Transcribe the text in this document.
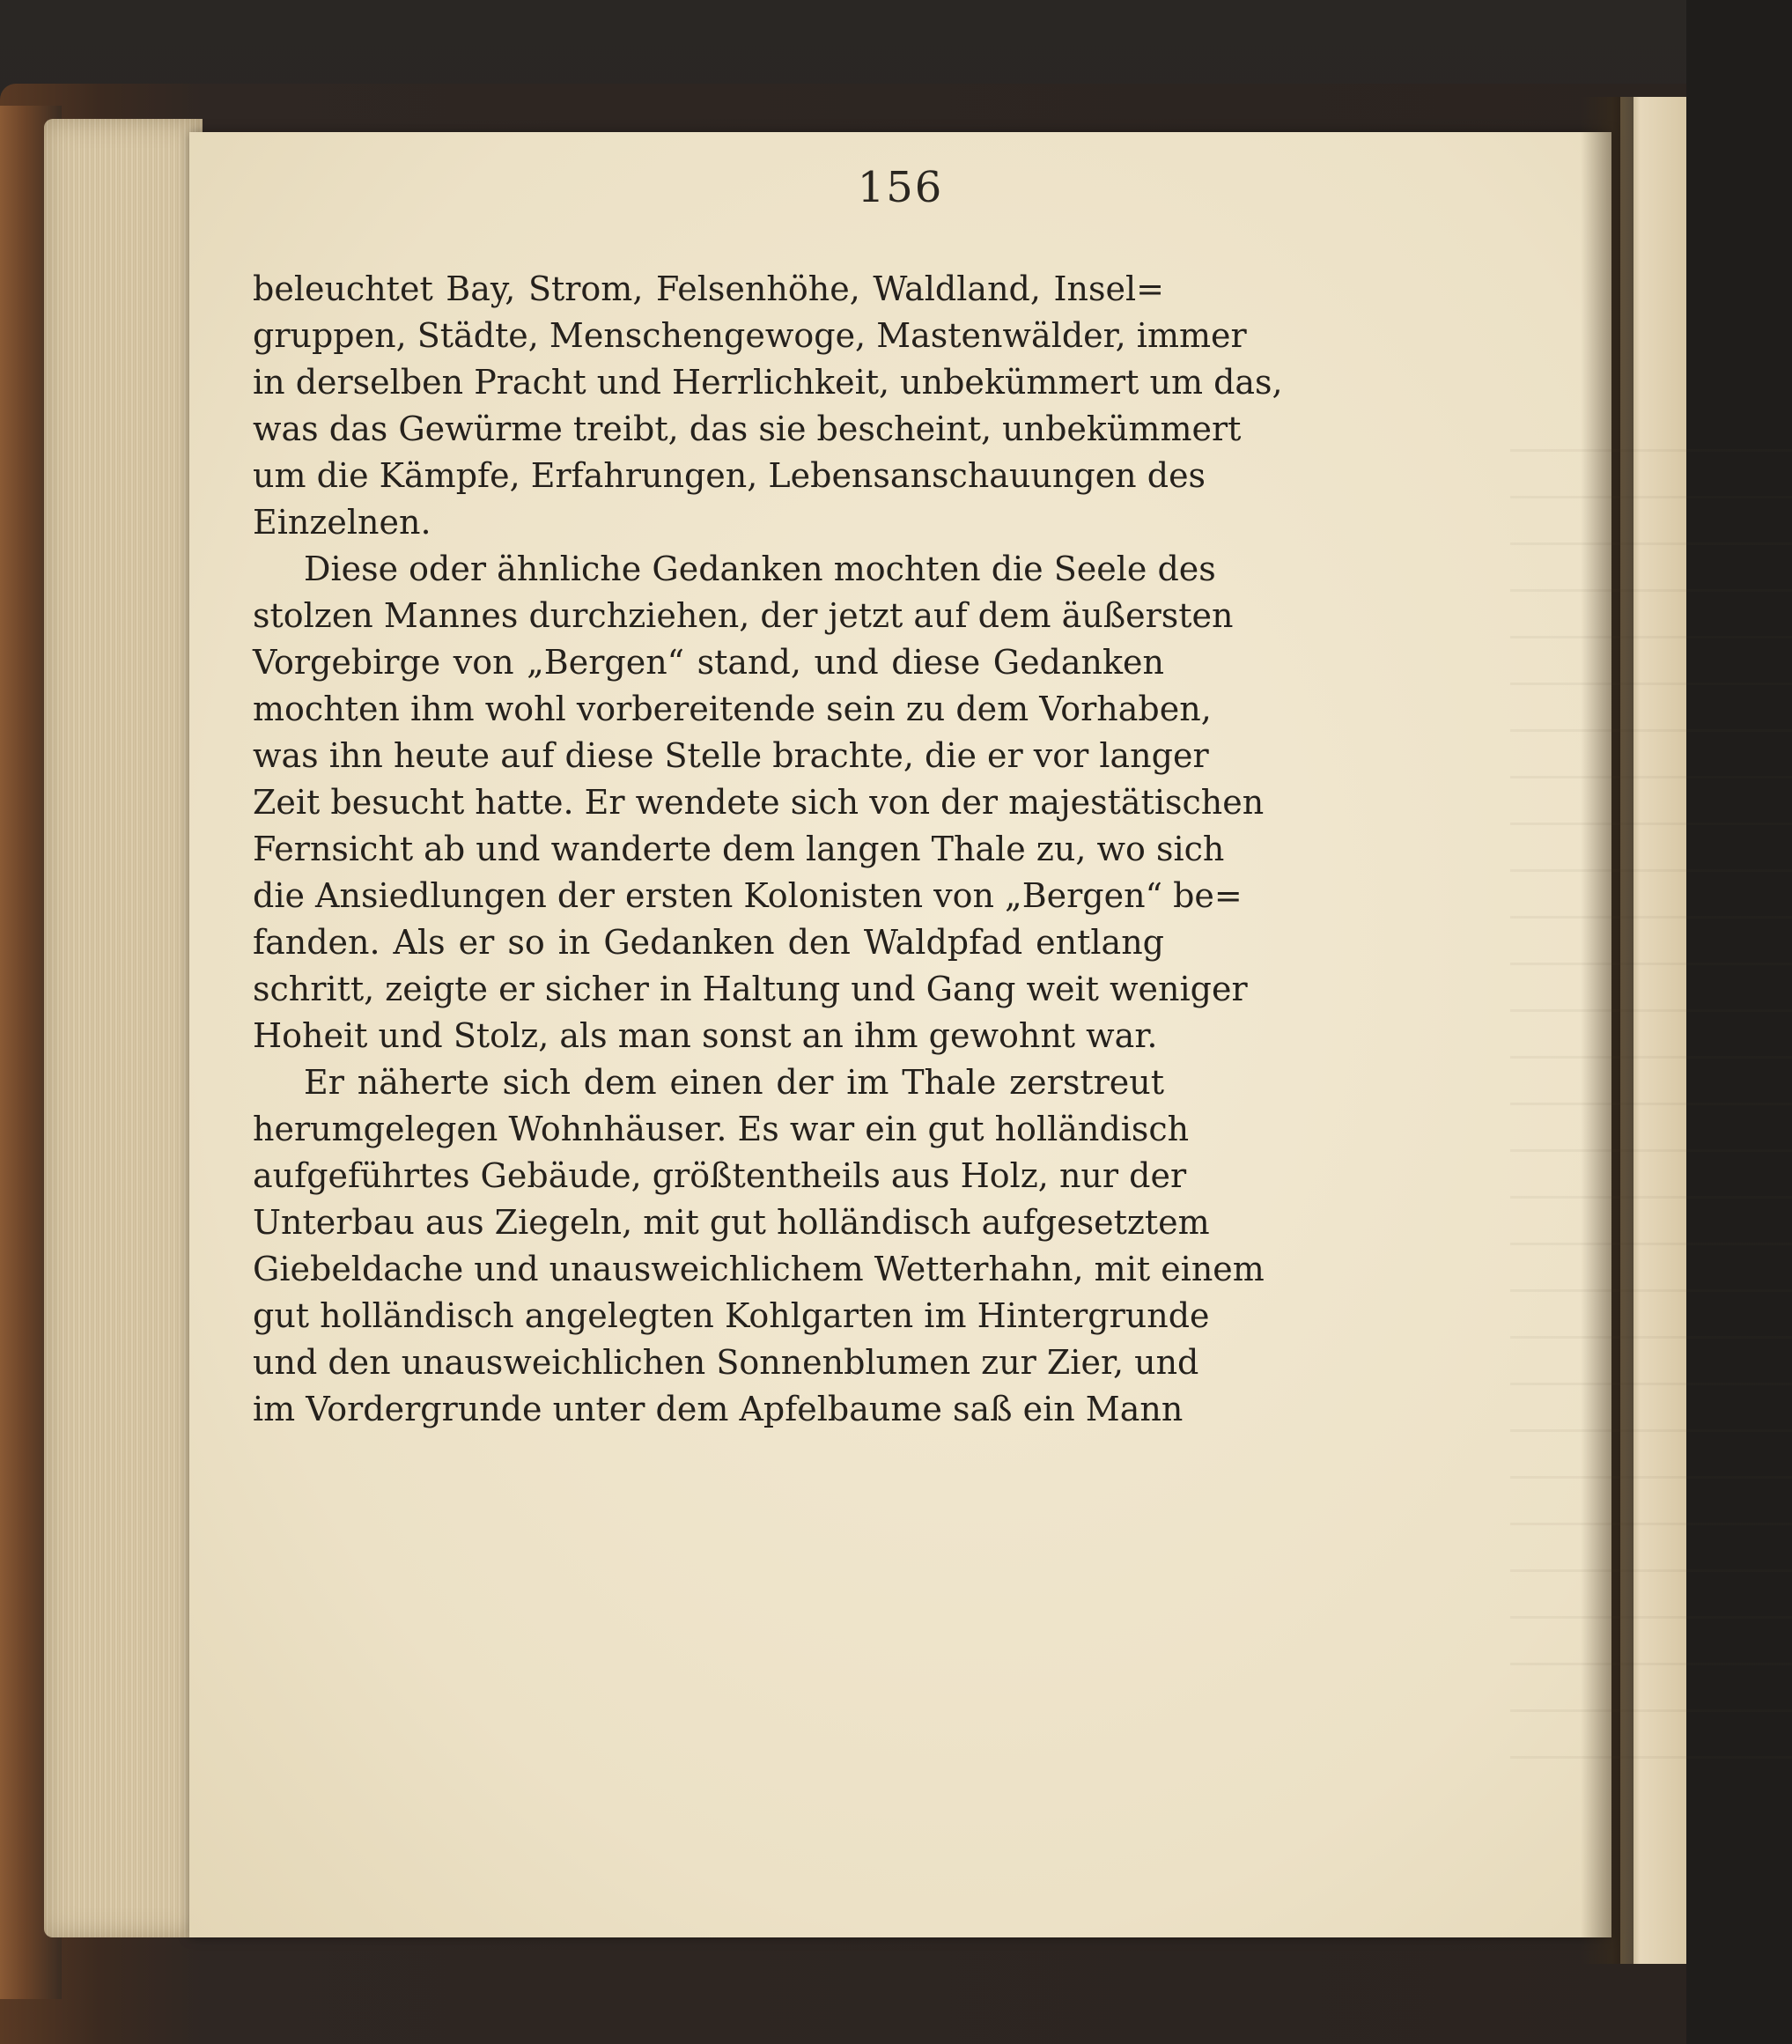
156
beleuchtet Bay, Strom, Felsenhöhe, Waldland, Insel=
gruppen, Städte, Menschengewoge, Mastenwälder, immer
in derselben Pracht und Herrlichkeit, unbekümmert um das,
was das Gewürme treibt, das sie bescheint, unbekümmert
um die Kämpfe, Erfahrungen, Lebensanschauungen des
Einzelnen.
Diese oder ähnliche Gedanken mochten die Seele des
stolzen Mannes durchziehen, der jetzt auf dem äußersten
Vorgebirge von „Bergen“ stand, und diese Gedanken
mochten ihm wohl vorbereitende sein zu dem Vorhaben,
was ihn heute auf diese Stelle brachte, die er vor langer
Zeit besucht hatte. Er wendete sich von der majestätischen
Fernsicht ab und wanderte dem langen Thale zu, wo sich
die Ansiedlungen der ersten Kolonisten von „Bergen“ be=
fanden. Als er so in Gedanken den Waldpfad entlang
schritt, zeigte er sicher in Haltung und Gang weit weniger
Hoheit und Stolz, als man sonst an ihm gewohnt war.
Er näherte sich dem einen der im Thale zerstreut
herumgelegen Wohnhäuser. Es war ein gut holländisch
aufgeführtes Gebäude, größtentheils aus Holz, nur der
Unterbau aus Ziegeln, mit gut holländisch aufgesetztem
Giebeldache und unausweichlichem Wetterhahn, mit einem
gut holländisch angelegten Kohlgarten im Hintergrunde
und den unausweichlichen Sonnenblumen zur Zier, und
im Vordergrunde unter dem Apfelbaume saß ein Mann
